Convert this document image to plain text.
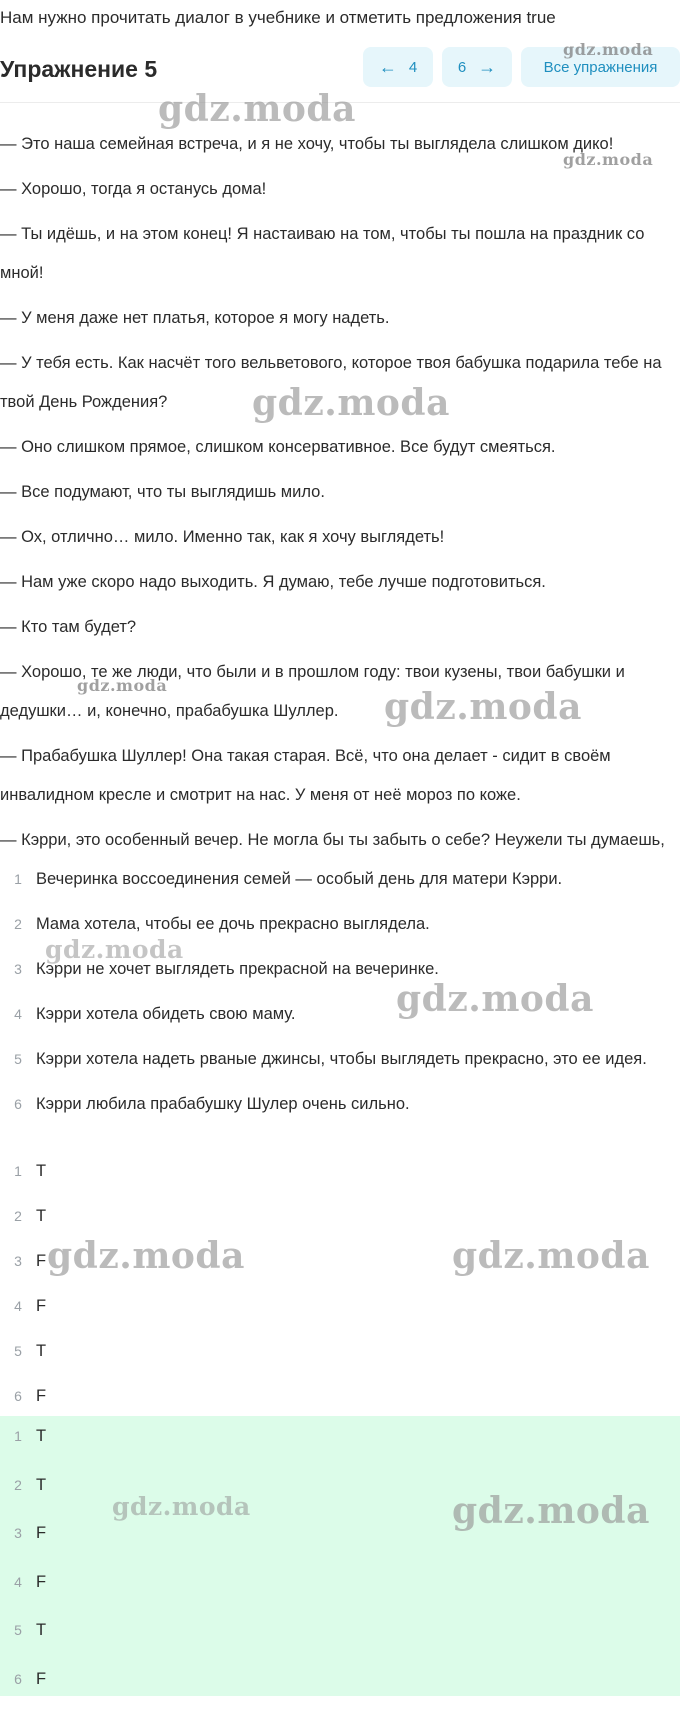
Нам нужно прочитать диалог в учебнике и отметить предложения true

Упражнение 5	← 4	6 →	Все упражнения

— Это наша семейная встреча, и я не хочу, чтобы ты выглядела слишком дико!

— Хорошо, тогда я останусь дома!

— Ты идёшь, и на этом конец! Я настаиваю на том, чтобы ты пошла на праздник со мной!

— У меня даже нет платья, которое я могу надеть.

— У тебя есть. Как насчёт того вельветового, которое твоя бабушка подарила тебе на твой День Рождения?

— Оно слишком прямое, слишком консервативное. Все будут смеяться.

— Все подумают, что ты выглядишь мило.

— Ох, отлично… мило. Именно так, как я хочу выглядеть!

— Нам уже скоро надо выходить. Я думаю, тебе лучше подготовиться.

— Кто там будет?

— Хорошо, те же люди, что были и в прошлом году: твои кузены, твои бабушки и дедушки… и, конечно, прабабушка Шуллер.

— Прабабушка Шуллер! Она такая старая. Всё, что она делает - сидит в своём инвалидном кресле и смотрит на нас. У меня от неё мороз по коже.

— Кэрри, это особенный вечер. Не могла бы ты забыть о себе? Неужели ты думаешь,

1 Вечеринка воссоединения семей — особый день для матери Кэрри.
2 Мама хотела, чтобы ее дочь прекрасно выглядела.
3 Кэрри не хочет выглядеть прекрасной на вечеринке.
4 Кэрри хотела обидеть свою маму.
5 Кэрри хотела надеть рваные джинсы, чтобы выглядеть прекрасно, это ее идея.
6 Кэрри любила прабабушку Шулер очень сильно.
1 T
2 T
3 F
4 F
5 T
6 F
1 T
2 T
3 F
4 F
5 T
6 F
gdz.moda
gdz.moda
gdz.moda
gdz.moda
gdz.moda
gdz.moda
gdz.moda
gdz.moda
gdz.moda	gdz.moda
gdz.moda	gdz.moda
